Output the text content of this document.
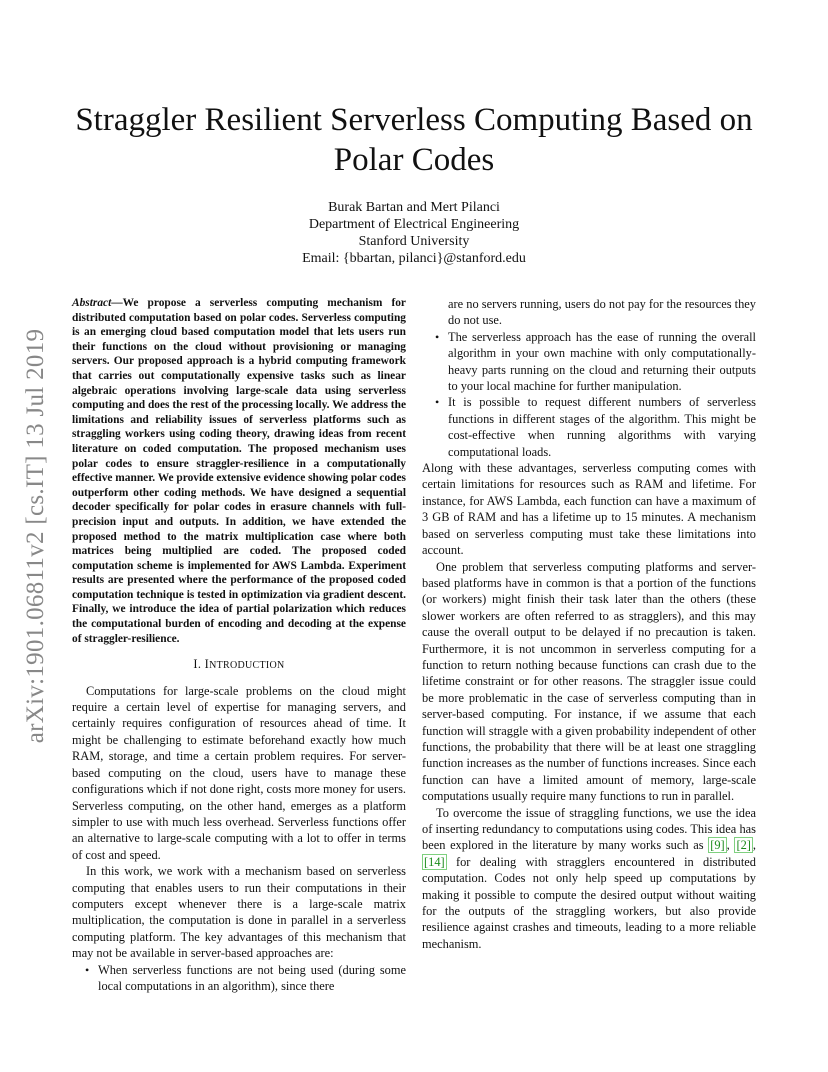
arXiv:1901.06811v2 [cs.IT] 13 Jul 2019
Straggler Resilient Serverless Computing Based on Polar Codes
Burak Bartan and Mert Pilanci
Department of Electrical Engineering
Stanford University
Email: {bbartan, pilanci}@stanford.edu
Abstract—We propose a serverless computing mechanism for distributed computation based on polar codes. Serverless computing is an emerging cloud based computation model that lets users run their functions on the cloud without provisioning or managing servers. Our proposed approach is a hybrid computing framework that carries out computationally expensive tasks such as linear algebraic operations involving large-scale data using serverless computing and does the rest of the processing locally. We address the limitations and reliability issues of serverless platforms such as straggling workers using coding theory, drawing ideas from recent literature on coded computation. The proposed mechanism uses polar codes to ensure straggler-resilience in a computationally effective manner. We provide extensive evidence showing polar codes outperform other coding methods. We have designed a sequential decoder specifically for polar codes in erasure channels with full-precision input and outputs. In addition, we have extended the proposed method to the matrix multiplication case where both matrices being multiplied are coded. The proposed coded computation scheme is implemented for AWS Lambda. Experiment results are presented where the performance of the proposed coded computation technique is tested in optimization via gradient descent. Finally, we introduce the idea of partial polarization which reduces the computational burden of encoding and decoding at the expense of straggler-resilience.
I. INTRODUCTION

Computations for large-scale problems on the cloud might require a certain level of expertise for managing servers, and certainly requires configuration of resources ahead of time. It might be challenging to estimate beforehand exactly how much RAM, storage, and time a certain problem requires. For server-based computing on the cloud, users have to manage these configurations which if not done right, costs more money for users. Serverless computing, on the other hand, emerges as a platform simpler to use with much less overhead. Serverless functions offer an alternative to large-scale computing with a lot to offer in terms of cost and speed.

In this work, we work with a mechanism based on serverless computing that enables users to run their computations in their computers except whenever there is a large-scale matrix multiplication, the computation is done in parallel in a serverless computing platform. The key advantages of this mechanism that may not be available in server-based approaches are:

• When serverless functions are not being used (during some local computations in an algorithm), since there
are no servers running, users do not pay for the resources they do not use.
• The serverless approach has the ease of running the overall algorithm in your own machine with only computationally-heavy parts running on the cloud and returning their outputs to your local machine for further manipulation.
• It is possible to request different numbers of serverless functions in different stages of the algorithm. This might be cost-effective when running algorithms with varying computational loads.

Along with these advantages, serverless computing comes with certain limitations for resources such as RAM and lifetime. For instance, for AWS Lambda, each function can have a maximum of 3 GB of RAM and has a lifetime up to 15 minutes. A mechanism based on serverless computing must take these limitations into account.

One problem that serverless computing platforms and server-based platforms have in common is that a portion of the functions (or workers) might finish their task later than the others (these slower workers are often referred to as stragglers), and this may cause the overall output to be delayed if no precaution is taken. Furthermore, it is not uncommon in serverless computing for a function to return nothing because functions can crash due to the lifetime constraint or for other reasons. The straggler issue could be more problematic in the case of serverless computing than in server-based computing. For instance, if we assume that each function will straggle with a given probability independent of other functions, the probability that there will be at least one straggling function increases as the number of functions increases. Since each function can have a limited amount of memory, large-scale computations usually require many functions to run in parallel.

To overcome the issue of straggling functions, we use the idea of inserting redundancy to computations using codes. This idea has been explored in the literature by many works such as [9] , [2] , [14] for dealing with stragglers encountered in distributed computation. Codes not only help speed up computations by making it possible to compute the desired output without waiting for the outputs of the straggling workers, but also provide resilience against crashes and timeouts, leading to a more reliable mechanism.
